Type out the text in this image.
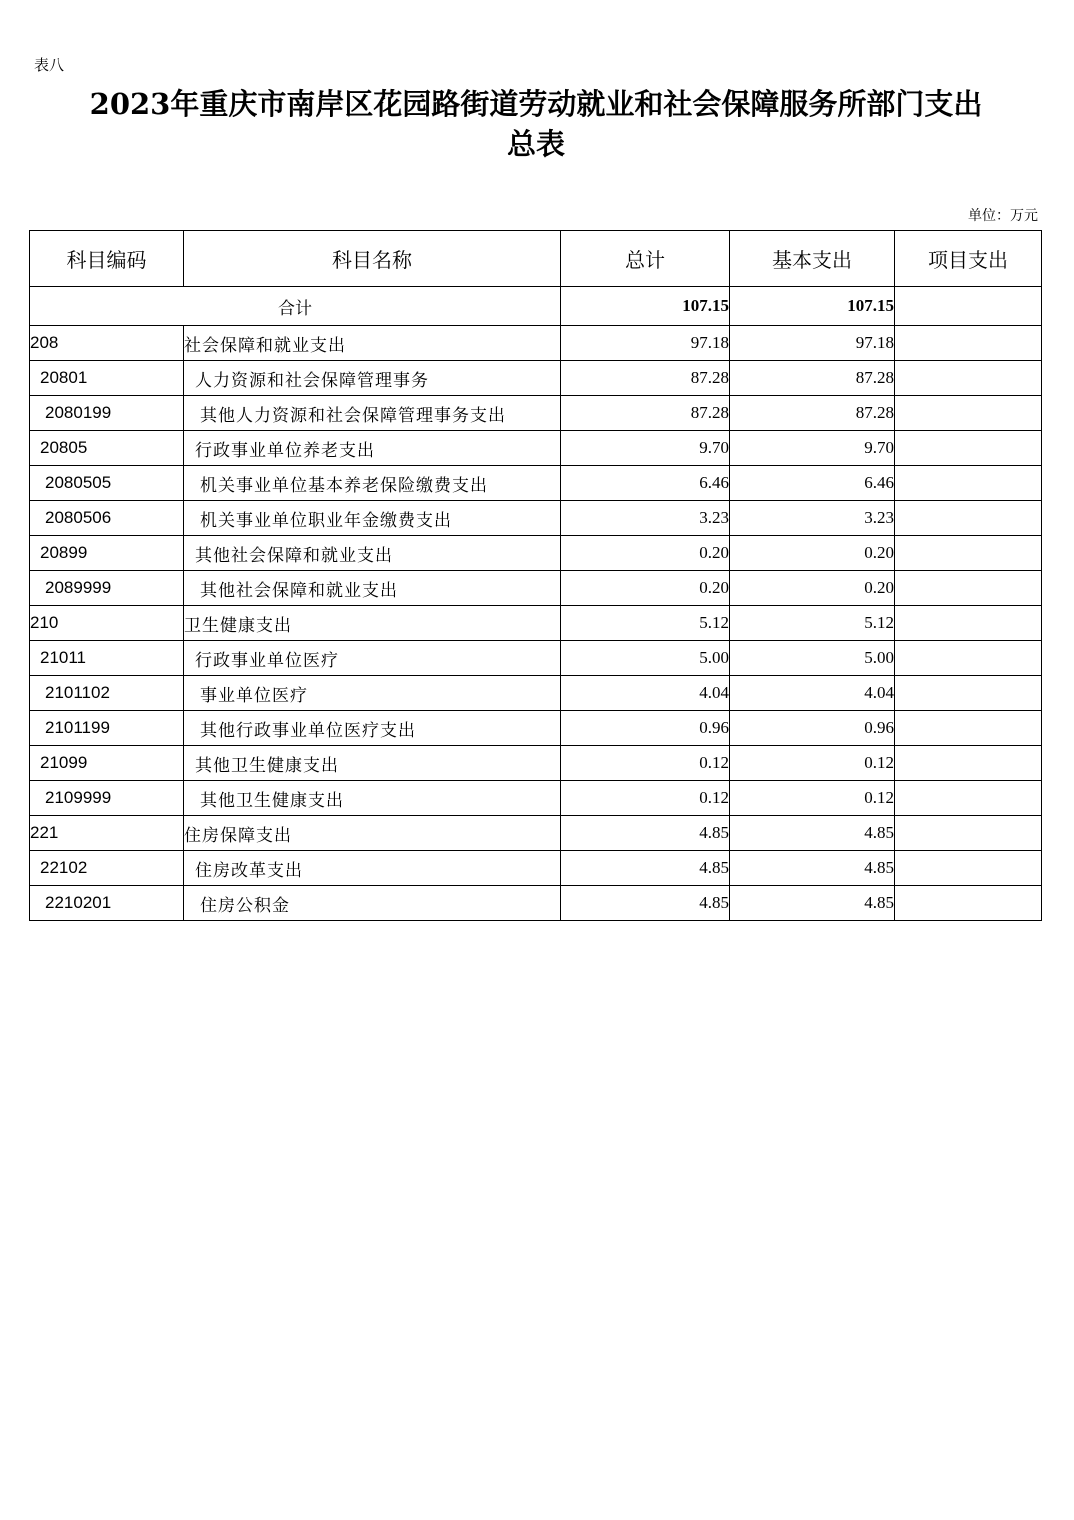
表八
2023年重庆市南岸区花园路街道劳动就业和社会保障服务所部门支出
总表
单位：万元
科目编码	科目名称	总计	基本支出	项目支出
合计		107.15	107.15	
208	社会保障和就业支出	97.18	97.18	
20801	人力资源和社会保障管理事务	87.28	87.28	
2080199	其他人力资源和社会保障管理事务支出	87.28	87.28	
20805	行政事业单位养老支出	9.70	9.70	
2080505	机关事业单位基本养老保险缴费支出	6.46	6.46	
2080506	机关事业单位职业年金缴费支出	3.23	3.23	
20899	其他社会保障和就业支出	0.20	0.20	
2089999	其他社会保障和就业支出	0.20	0.20	
210	卫生健康支出	5.12	5.12	
21011	行政事业单位医疗	5.00	5.00	
2101102	事业单位医疗	4.04	4.04	
2101199	其他行政事业单位医疗支出	0.96	0.96	
21099	其他卫生健康支出	0.12	0.12	
2109999	其他卫生健康支出	0.12	0.12	
221	住房保障支出	4.85	4.85	
22102	住房改革支出	4.85	4.85	
2210201	住房公积金	4.85	4.85	
